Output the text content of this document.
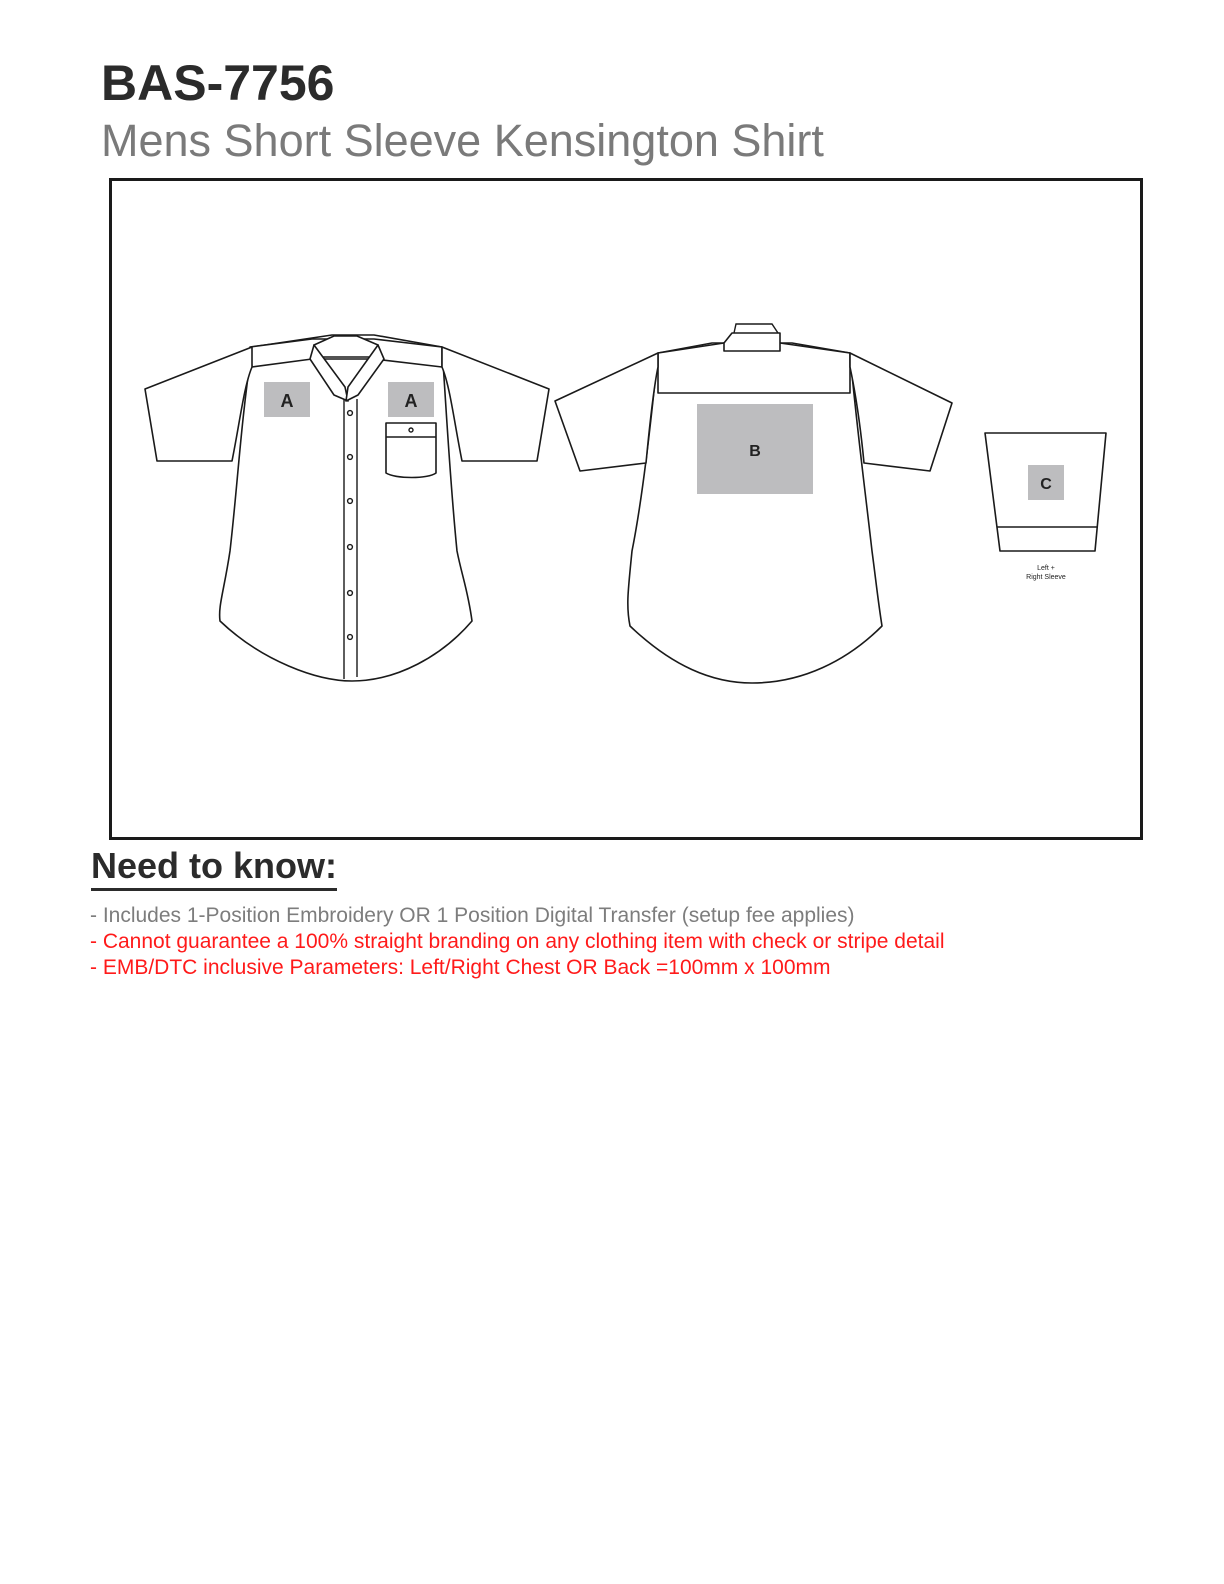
BAS-7756
Mens Short Sleeve Kensington Shirt
A	A
B
C
Left +
Right Sleeve
Need to know:
- Includes 1-Position Embroidery OR 1 Position Digital Transfer (setup fee applies)
- Cannot guarantee a 100% straight branding on any clothing item with check or stripe detail
- EMB/DTC inclusive Parameters: Left/Right Chest OR Back =100mm x 100mm
